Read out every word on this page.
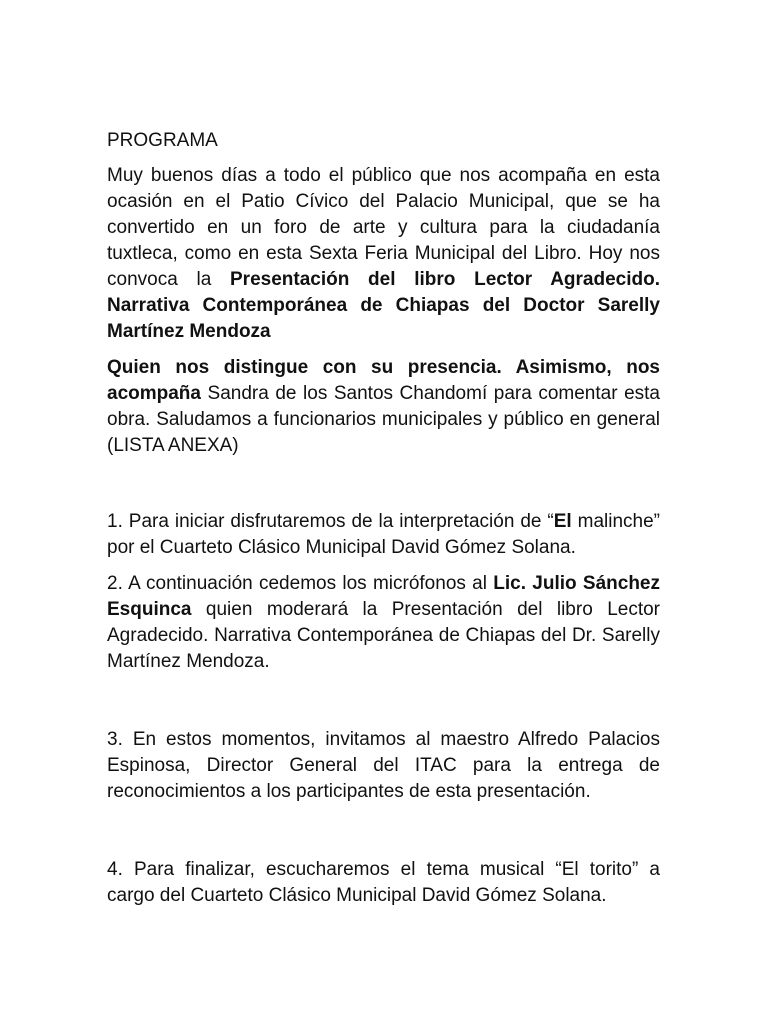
PROGRAMA

Muy buenos días a todo el público que nos acompaña en esta ocasión en el Patio Cívico del Palacio Municipal, que se ha convertido en un foro de arte y cultura para la ciudadanía tuxtleca, como en esta Sexta Feria Municipal del Libro. Hoy nos convoca la Presentación del libro Lector Agradecido. Narrativa Contemporánea de Chiapas del Doctor Sarelly Martínez Mendoza

Quien nos distingue con su presencia. Asimismo, nos acompaña Sandra de los Santos Chandomí para comentar esta obra. Saludamos a funcionarios municipales y público en general (LISTA ANEXA)

1. Para iniciar disfrutaremos de la interpretación de “El malinche” por el Cuarteto Clásico Municipal David Gómez Solana.

2. A continuación cedemos los micrófonos al Lic. Julio Sánchez Esquinca quien moderará la Presentación del libro Lector Agradecido. Narrativa Contemporánea de Chiapas del Dr. Sarelly Martínez Mendoza.

3. En estos momentos, invitamos al maestro Alfredo Palacios Espinosa, Director General del ITAC para la entrega de reconocimientos a los participantes de esta presentación.

4. Para finalizar, escucharemos el tema musical “El torito” a cargo del Cuarteto Clásico Municipal David Gómez Solana.
